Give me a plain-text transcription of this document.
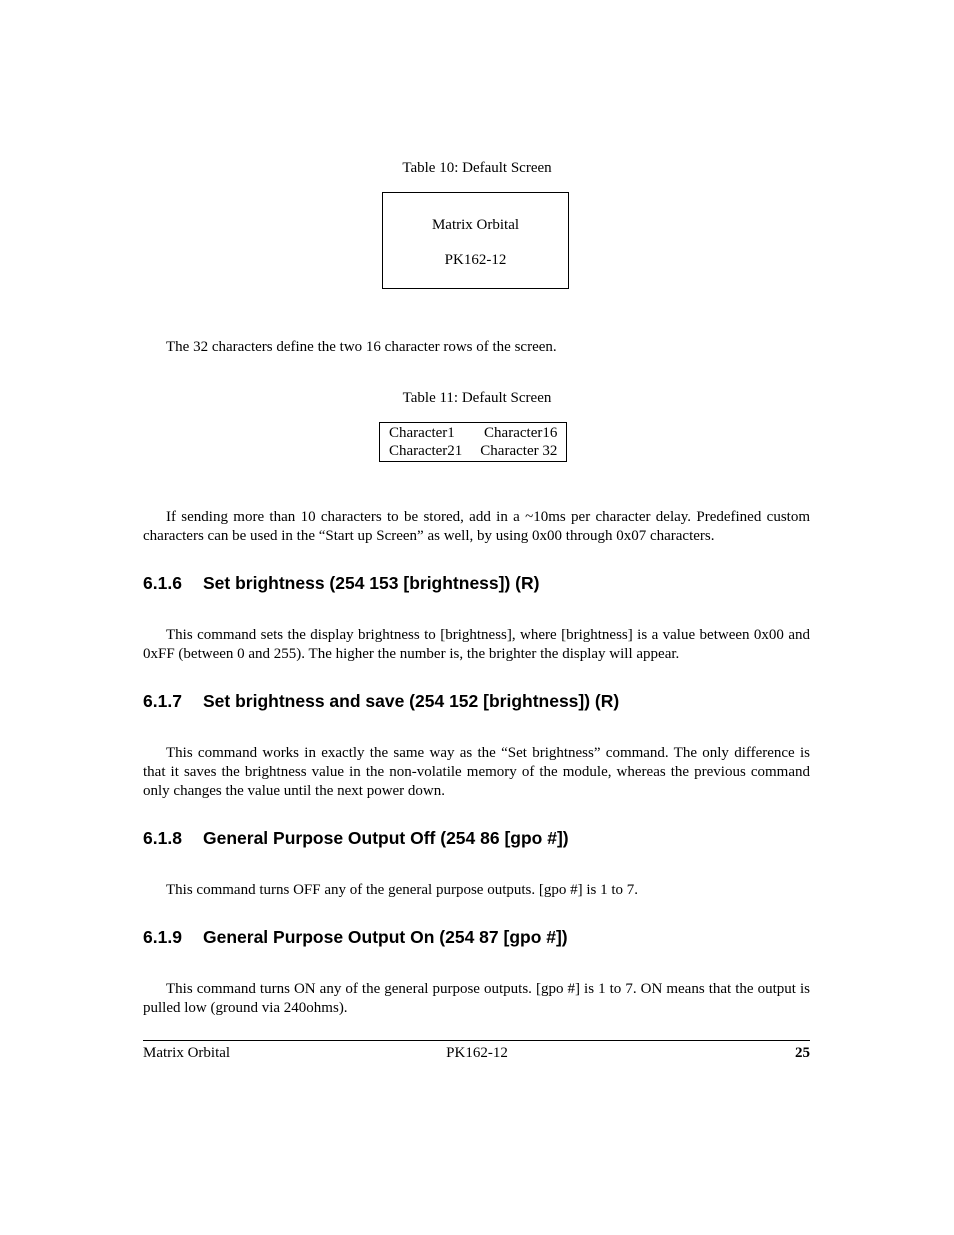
Table 10: Default Screen
Matrix Orbital
PK162-12
The 32 characters define the two 16 character rows of the screen.
Table 11: Default Screen
Character1	Character16
Character21	Character 32
If sending more than 10 characters to be stored, add in a ~10ms per character delay. Predefined custom characters can be used in the “Start up Screen” as well, by using 0x00 through 0x07 characters.
6.1.6 Set brightness (254 153 [brightness]) (R)
This command sets the display brightness to [brightness], where [brightness] is a value between 0x00 and 0xFF (between 0 and 255). The higher the number is, the brighter the display will appear.
6.1.7 Set brightness and save (254 152 [brightness]) (R)
This command works in exactly the same way as the “Set brightness” command. The only difference is that it saves the brightness value in the non-volatile memory of the module, whereas the previous command only changes the value until the next power down.
6.1.8 General Purpose Output Off (254 86 [gpo #])
This command turns OFF any of the general purpose outputs. [gpo #] is 1 to 7.
6.1.9 General Purpose Output On (254 87 [gpo #])
This command turns ON any of the general purpose outputs. [gpo #] is 1 to 7. ON means that the output is pulled low (ground via 240ohms).
Matrix Orbital	PK162-12	25
